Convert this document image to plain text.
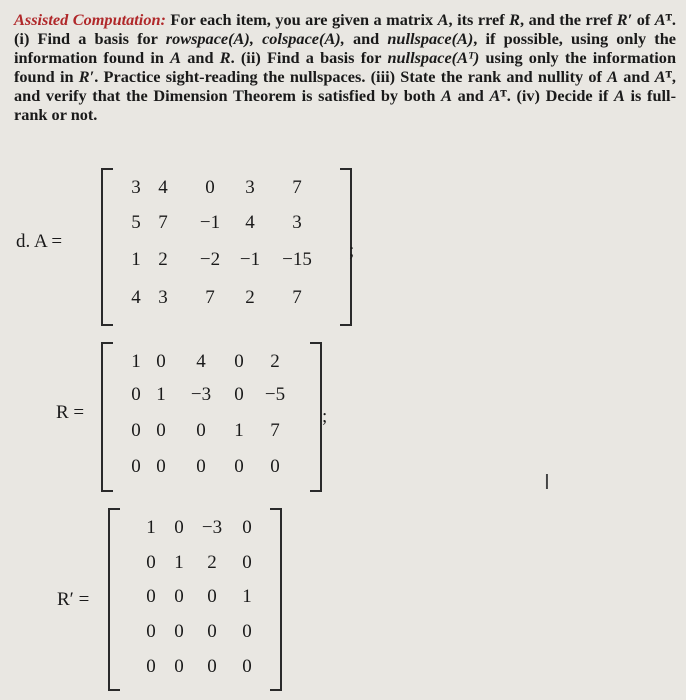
Assisted Computation: For each item, you are given a matrix A, its rref R, and the rref R′ of Aᵀ. (i) Find a basis for rowspace(A), colspace(A), and nullspace(A), if possible, using only the information found in A and R. (ii) Find a basis for nullspace(Aᵀ) using only the information found in R′. Practice sight-reading the nullspaces. (iii) State the rank and nullity of A and Aᵀ, and verify that the Dimension Theorem is satisfied by both A and Aᵀ. (iv) Decide if A is full-rank or not.
d. A =
3 4	0	3	7
5 7	−1	4	3
1 2	−2	−1	−15
4 3	7	2	7
;
R =
1 0	4	0	2
0 1	−3	0	−5
0 0	0	1	7
0 0	0	0	0
;
R′ =
1 0 −3	0
0 1	2	0
0 0	0	1
0 0	0	0
0 0	0	0
I
